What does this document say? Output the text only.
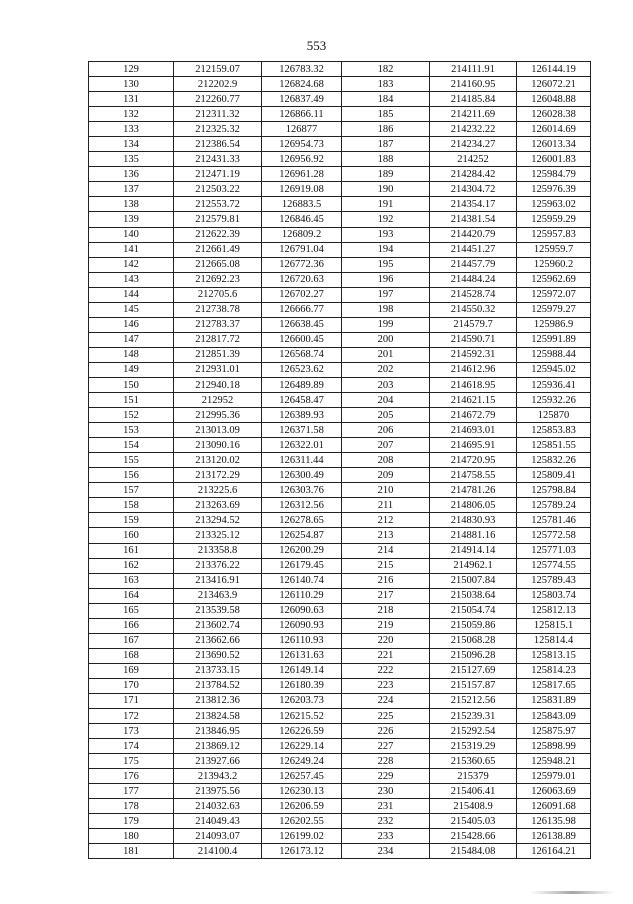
553
129	212159.07	126783.32	182	214111.91	126144.19
130	212202.9	126824.68	183	214160.95	126072.21
131	212260.77	126837.49	184	214185.84	126048.88
132	212311.32	126866.11	185	214211.69	126028.38
133	212325.32	126877	186	214232.22	126014.69
134	212386.54	126954.73	187	214234.27	126013.34
135	212431.33	126956.92	188	214252	126001.83
136	212471.19	126961.28	189	214284.42	125984.79
137	212503.22	126919.08	190	214304.72	125976.39
138	212553.72	126883.5	191	214354.17	125963.02
139	212579.81	126846.45	192	214381.54	125959.29
140	212622.39	126809.2	193	214420.79	125957.83
141	212661.49	126791.04	194	214451.27	125959.7
142	212665.08	126772.36	195	214457.79	125960.2
143	212692.23	126720.63	196	214484.24	125962.69
144	212705.6	126702.27	197	214528.74	125972.07
145	212738.78	126666.77	198	214550.32	125979.27
146	212783.37	126638.45	199	214579.7	125986.9
147	212817.72	126600.45	200	214590.71	125991.89
148	212851.39	126568.74	201	214592.31	125988.44
149	212931.01	126523.62	202	214612.96	125945.02
150	212940.18	126489.89	203	214618.95	125936.41
151	212952	126458.47	204	214621.15	125932.26
152	212995.36	126389.93	205	214672.79	125870
153	213013.09	126371.58	206	214693.01	125853.83
154	213090.16	126322.01	207	214695.91	125851.55
155	213120.02	126311.44	208	214720.95	125832.26
156	213172.29	126300.49	209	214758.55	125809.41
157	213225.6	126303.76	210	214781.26	125798.84
158	213263.69	126312.56	211	214806.05	125789.24
159	213294.52	126278.65	212	214830.93	125781.46
160	213325.12	126254.87	213	214881.16	125772.58
161	213358.8	126200.29	214	214914.14	125771.03
162	213376.22	126179.45	215	214962.1	125774.55
163	213416.91	126140.74	216	215007.84	125789.43
164	213463.9	126110.29	217	215038.64	125803.74
165	213539.58	126090.63	218	215054.74	125812.13
166	213602.74	126090.93	219	215059.86	125815.1
167	213662.66	126110.93	220	215068.28	125814.4
168	213690.52	126131.63	221	215096.28	125813.15
169	213733.15	126149.14	222	215127.69	125814.23
170	213784.52	126180.39	223	215157.87	125817.65
171	213812.36	126203.73	224	215212.56	125831.89
172	213824.58	126215.52	225	215239.31	125843.09
173	213846.95	126226.59	226	215292.54	125875.97
174	213869.12	126229.14	227	215319.29	125898.99
175	213927.66	126249.24	228	215360.65	125948.21
176	213943.2	126257.45	229	215379	125979.01
177	213975.56	126230.13	230	215406.41	126063.69
178	214032.63	126206.59	231	215408.9	126091.68
179	214049.43	126202.55	232	215405.03	126135.98
180	214093.07	126199.02	233	215428.66	126138.89
181	214100.4	126173.12	234	215484.08	126164.21
